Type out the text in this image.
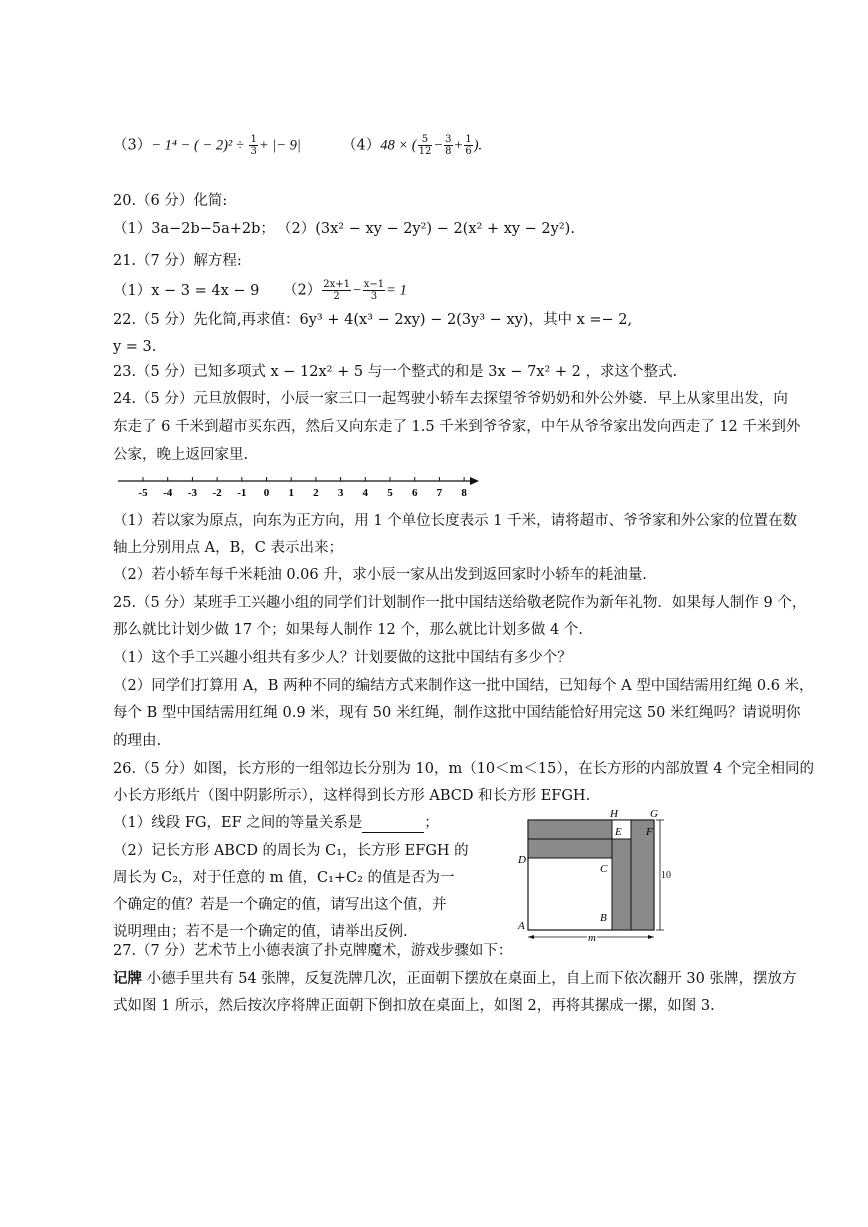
（3）− 1⁴ − ( − $2)^2 \div \frac{1}{3}$ + |− 9|	（4）48 × ( $\frac{5}{12} - \frac{3}{8} + \frac{1}{6}$ ).
20.（6 分）化简:
（1）3a−2b−5a+2b； （2）(3x² − xy − 2y²) − 2(x² + xy − 2y²).
21.（7 分）解方程:
（1）x − 3 = 4x − 9 $(2) \frac{2x+1}{2} - \frac{x-1}{3} = 1$
22.（5 分）先化简,再求值：6y³ + 4(x³ − 2xy) − 2(3y³ − xy)，其中 x =− 2,
y = 3.
23.（5 分）已知多项式 x − 12x² + 5 与一个整式的和是 3x − 7x² + 2 ，求这个整式.
24.（5 分）元旦放假时，小辰一家三口一起驾驶小轿车去探望爷爷奶奶和外公外婆．早上从家里出发，向
东走了 6 千米到超市买东西，然后又向东走了 1.5 千米到爷爷家，中午从爷爷家出发向西走了 12 千米到外
公家，晚上返回家里.
-5 -4 -3 -2 -1 0 1 2 3 4 5 6 7 8
（1）若以家为原点，向东为正方向，用 1 个单位长度表示 1 千米，请将超市、爷爷家和外公家的位置在数
轴上分别用点 A，B，C 表示出来；
（2）若小轿车每千米耗油 0.06 升，求小辰一家从出发到返回家时小轿车的耗油量.
25.（5 分）某班手工兴趣小组的同学们计划制作一批中国结送给敬老院作为新年礼物．如果每人制作 9 个，
那么就比计划少做 17 个；如果每人制作 12 个，那么就比计划多做 4 个.
（1）这个手工兴趣小组共有多少人？计划要做的这批中国结有多少个？
（2）同学们打算用 A，B 两种不同的编结方式来制作这一批中国结，已知每个 A 型中国结需用红绳 0.6 米，
每个 B 型中国结需用红绳 0.9 米，现有 50 米红绳，制作这批中国结能恰好用完这 50 米红绳吗？请说明你
的理由.
26.（5 分）如图，长方形的一组邻边长分别为 10，m（10＜m＜15），在长方形的内部放置 4 个完全相同的
小长方形纸片（图中阴影所示），这样得到长方形 ABCD 和长方形 EFGH.
（1）线段 FG，EF 之间的等量关系是	；
（2）记长方形 ABCD 的周长为 C₁，长方形 EFGH 的
周长为 C₂，对于任意的 m 值，C₁+C₂ 的值是否为一
个确定的值？若是一个确定的值，请写出这个值，并
说明理由；若不是一个确定的值，请举出反例.
H	G
E F
D
C
A
B
10
m
27.（7 分）艺术节上小德表演了扑克牌魔术，游戏步骤如下：
记牌 小德手里共有 54 张牌，反复洗牌几次，正面朝下摆放在桌面上，自上而下依次翻开 30 张牌，摆放方
式如图 1 所示，然后按次序将牌正面朝下倒扣放在桌面上，如图 2，再将其摞成一摞，如图 3.
